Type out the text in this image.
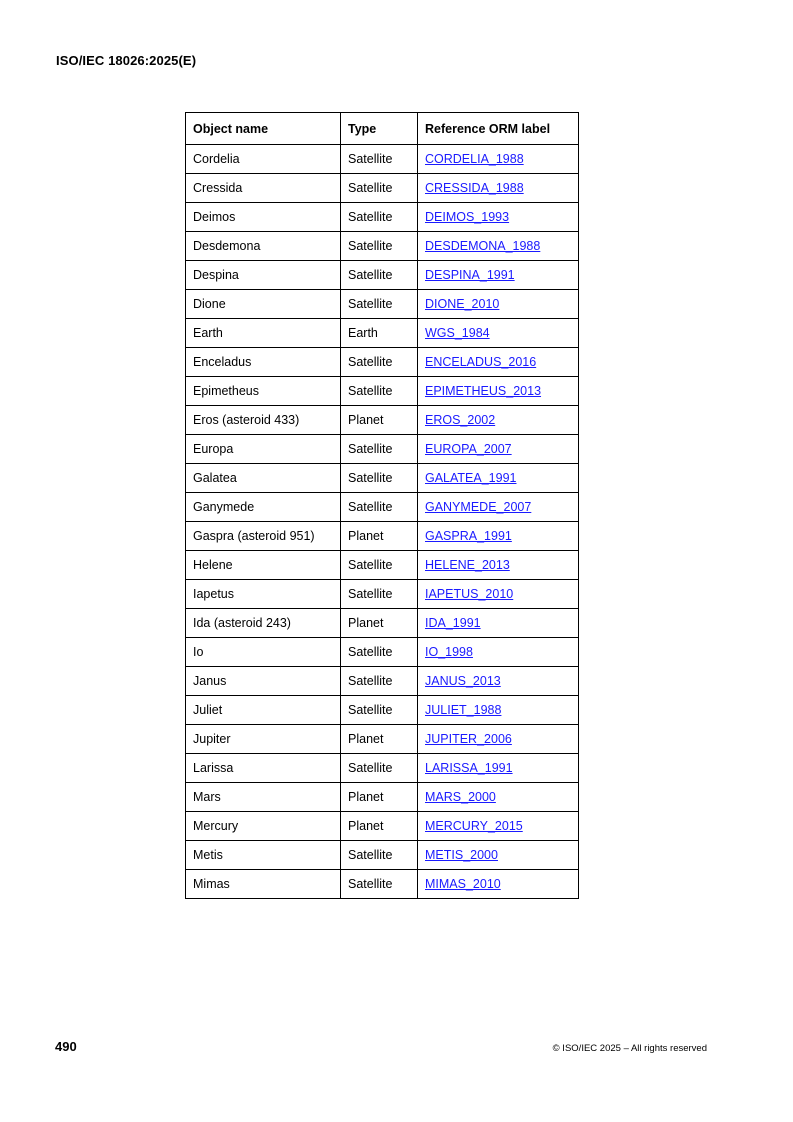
ISO/IEC 18026:2025(E)
Object name	Type	Reference ORM label
Cordelia	Satellite	CORDELIA_1988
Cressida	Satellite	CRESSIDA_1988
Deimos	Satellite	DEIMOS_1993
Desdemona	Satellite	DESDEMONA_1988
Despina	Satellite	DESPINA_1991
Dione	Satellite	DIONE_2010
Earth	Earth	WGS_1984
Enceladus	Satellite	ENCELADUS_2016
Epimetheus	Satellite	EPIMETHEUS_2013
Eros (asteroid 433)	Planet	EROS_2002
Europa	Satellite	EUROPA_2007
Galatea	Satellite	GALATEA_1991
Ganymede	Satellite	GANYMEDE_2007
Gaspra (asteroid 951)	Planet	GASPRA_1991
Helene	Satellite	HELENE_2013
Iapetus	Satellite	IAPETUS_2010
Ida (asteroid 243)	Planet	IDA_1991
Io	Satellite	IO_1998
Janus	Satellite	JANUS_2013
Juliet	Satellite	JULIET_1988
Jupiter	Planet	JUPITER_2006
Larissa	Satellite	LARISSA_1991
Mars	Planet	MARS_2000
Mercury	Planet	MERCURY_2015
Metis	Satellite	METIS_2000
Mimas	Satellite	MIMAS_2010
490	© ISO/IEC 2025 – All rights reserved
